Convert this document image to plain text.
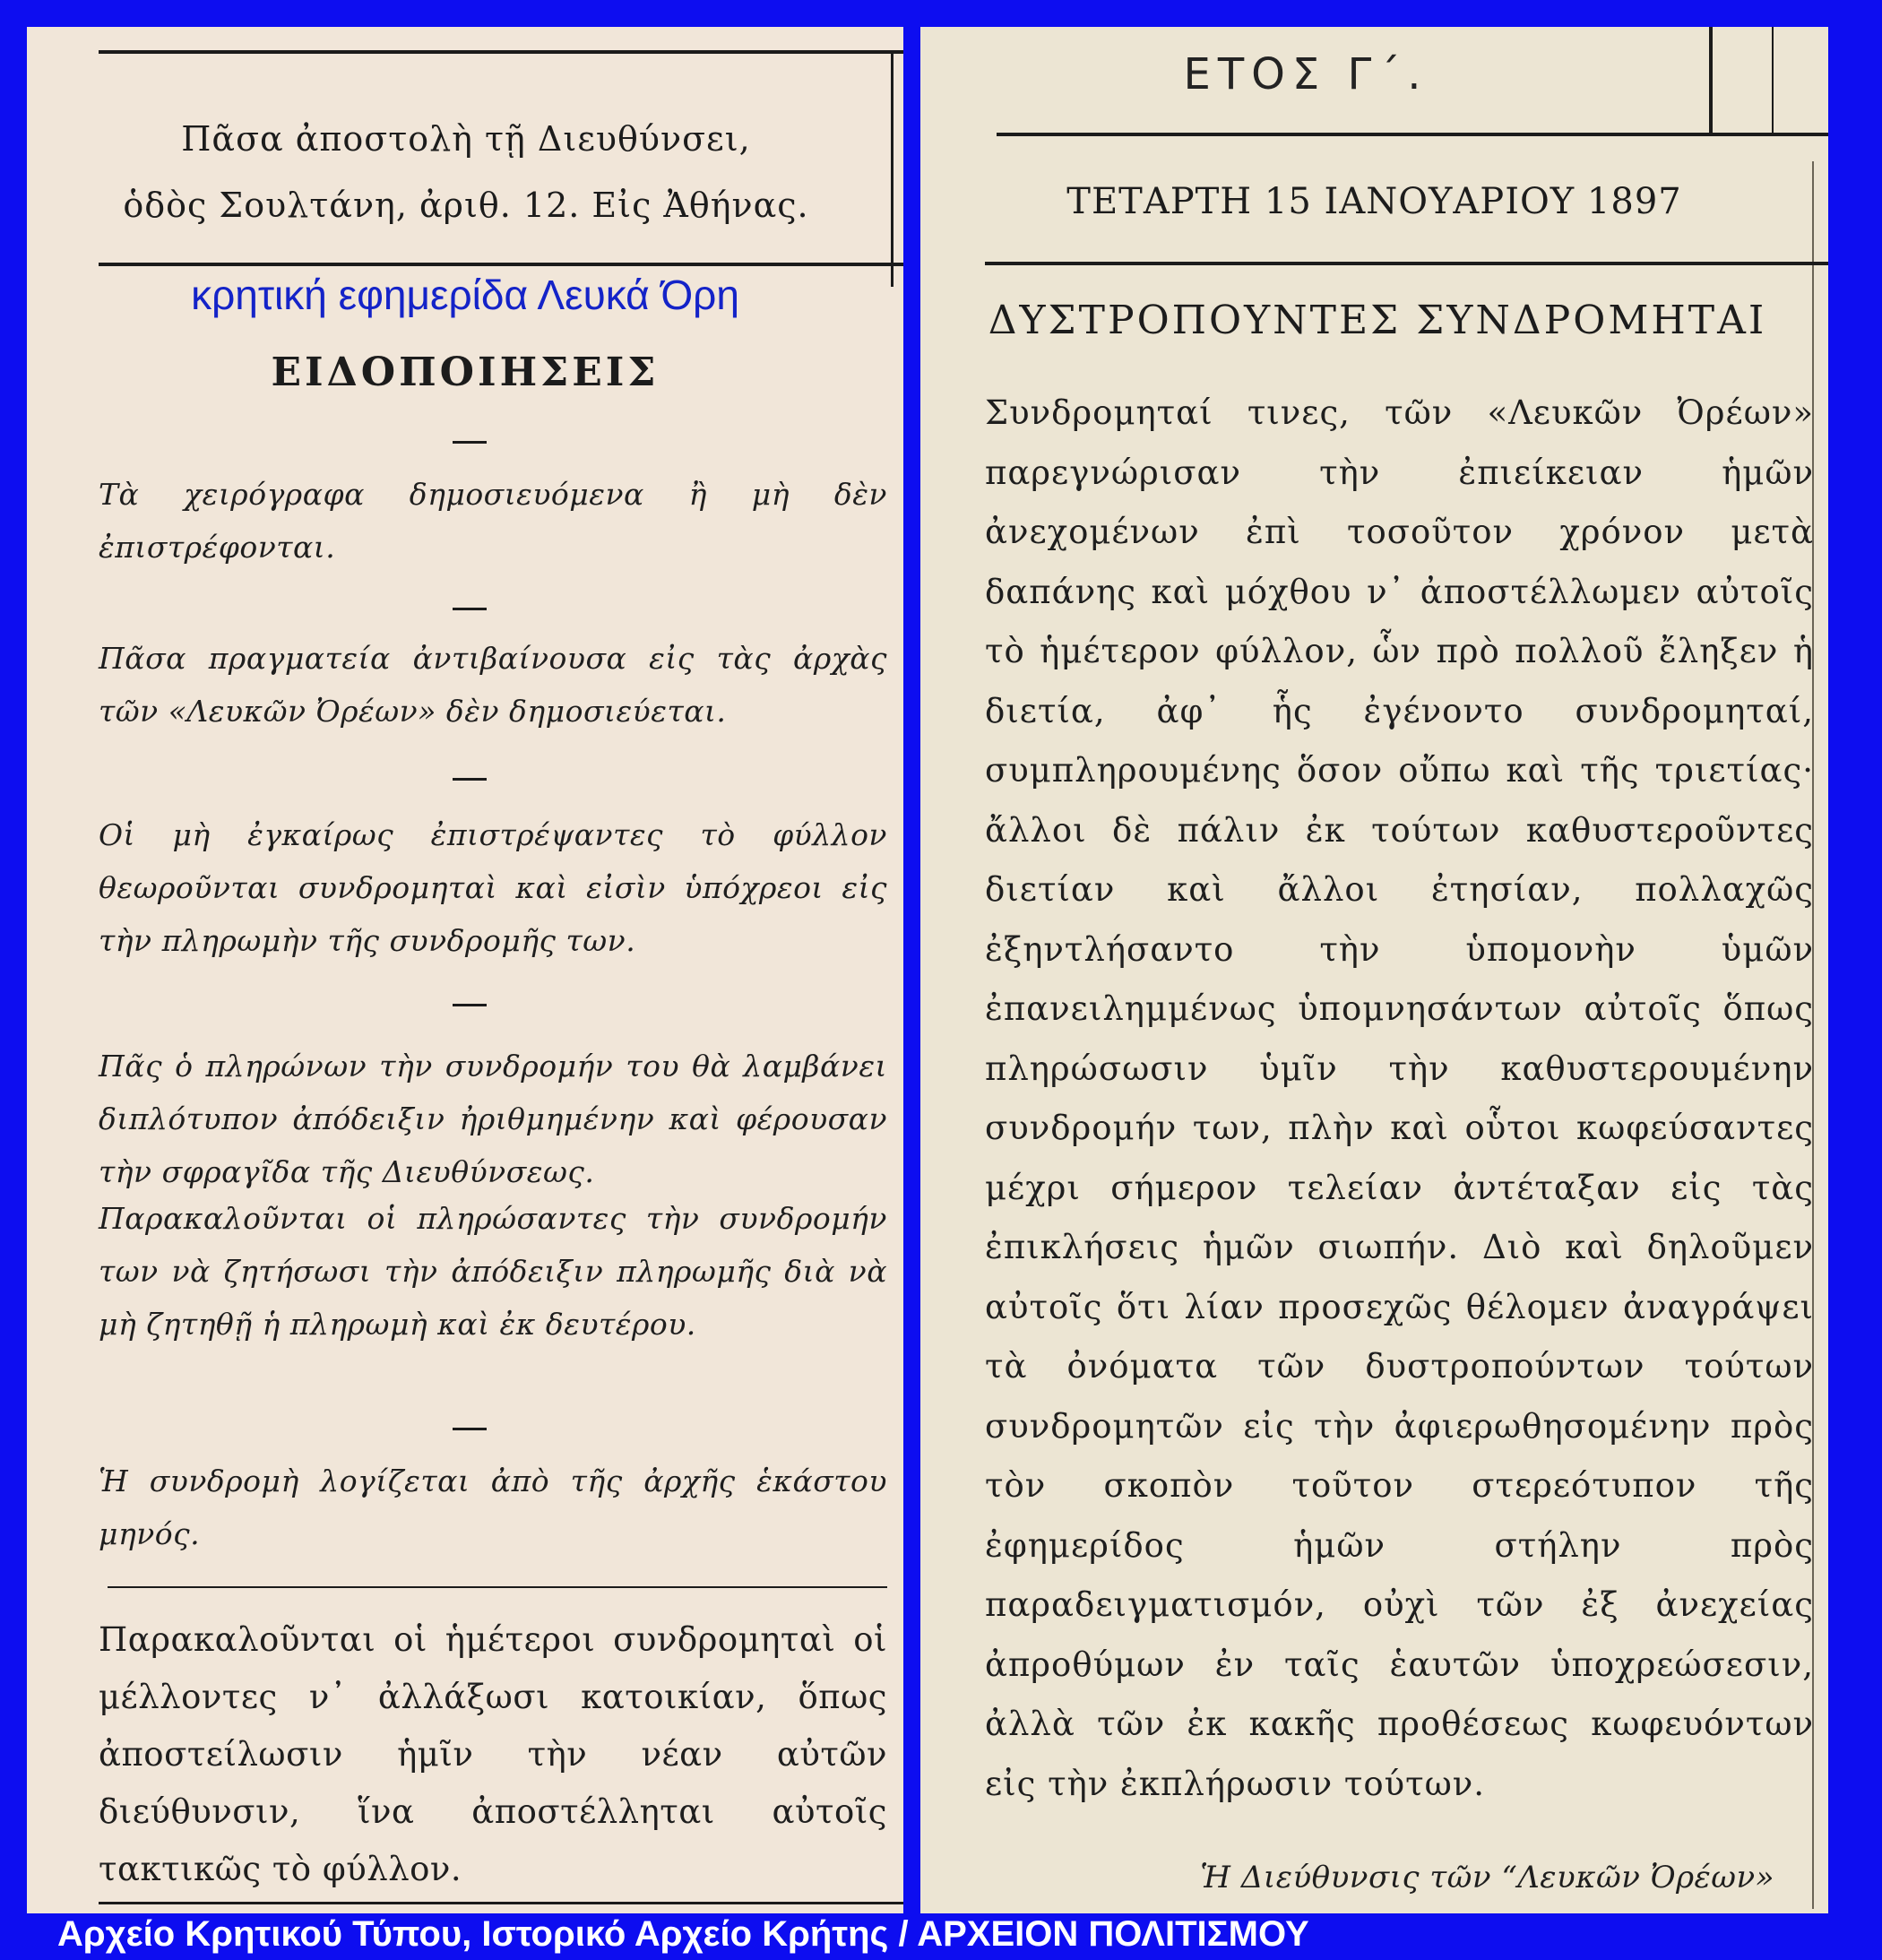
Πᾶσα ἀποστολὴ τῇ Διευθύνσει,
ὁδὸς Σουλτάνη, ἀριθ. 12. Εἰς Ἀθήνας.
κρητική εφημερίδα Λευκά Όρη
ΕΙΔΟΠΟΙΗΣΕΙΣ
Τὰ χειρόγραφα δημοσιευόμενα ἢ μὴ δὲν ἐπιστρέφονται.
Πᾶσα πραγματεία ἀντιβαίνουσα εἰς τὰς ἀρχὰς τῶν «Λευκῶν Ὀρέων» δὲν δημοσιεύεται.
Οἱ μὴ ἐγκαίρως ἐπιστρέψαντες τὸ φύλλον θεωροῦνται συνδρομηταὶ καὶ εἰσὶν ὑπόχρεοι εἰς τὴν πληρωμὴν τῆς συνδρομῆς των.
Πᾶς ὁ πληρώνων τὴν συνδρομήν του θὰ λαμβάνει διπλότυπον ἀπόδειξιν ἠριθμημένην καὶ φέρουσαν τὴν σφραγῖδα τῆς Διευθύνσεως.
Παρακαλοῦνται οἱ πληρώσαντες τὴν συνδρομήν των νὰ ζητήσωσι τὴν ἀπόδειξιν πληρωμῆς διὰ νὰ μὴ ζητηθῇ ἡ πληρωμὴ καὶ ἐκ δευτέρου.
Ἡ συνδρομὴ λογίζεται ἀπὸ τῆς ἀρχῆς ἑκάστου μηνός.
Παρακαλοῦνται οἱ ἡμέτεροι συνδρομηταὶ οἱ μέλλοντες ν᾽ ἀλλάξωσι κατοικίαν, ὅπως ἀποστείλωσιν ἡμῖν τὴν νέαν αὐτῶν διεύθυνσιν, ἵνα ἀποστέλληται αὐτοῖς τακτικῶς τὸ φύλλον.
ΕΤΟΣ Γ΄.
ΤΕΤΑΡΤΗ 15 ΙΑΝΟΥΑΡΙΟΥ 1897
ΔΥΣΤΡΟΠΟΥΝΤΕΣ ΣΥΝΔΡΟΜΗΤΑΙ
Συνδρομηταί τινες, τῶν «Λευκῶν Ὀρέων» παρεγνώρισαν τὴν ἐπιείκειαν ἡμῶν ἀνεχομένων ἐπὶ τοσοῦτον χρόνον μετὰ δαπάνης καὶ μόχθου ν᾽ ἀποστέλλωμεν αὐτοῖς τὸ ἡμέτερον φύλλον, ὧν πρὸ πολλοῦ ἔληξεν ἡ διετία, ἀφ᾽ ἧς ἐγένοντο συνδρομηταί, συμπληρουμένης ὅσον οὔπω καὶ τῆς τριετίας· ἄλλοι δὲ πάλιν ἐκ τούτων καθυστεροῦντες διετίαν καὶ ἄλλοι ἐτησίαν, πολλαχῶς ἐξηντλήσαντο τὴν ὑπομονὴν ὑμῶν ἐπανειλημμένως ὑπομνησάντων αὐτοῖς ὅπως πληρώσωσιν ὑμῖν τὴν καθυστερουμένην συνδρομήν των, πλὴν καὶ οὗτοι κωφεύσαντες μέχρι σήμερον τελείαν ἀντέταξαν εἰς τὰς ἐπικλήσεις ἡμῶν σιωπήν. Διὸ καὶ δηλοῦμεν αὐτοῖς ὅτι λίαν προσεχῶς θέλομεν ἀναγράψει τὰ ὀνόματα τῶν δυστροπούντων τούτων συνδρομητῶν εἰς τὴν ἀφιερωθησομένην πρὸς τὸν σκοπὸν τοῦτον στερεότυπον τῆς ἐφημερίδος ἡμῶν στήλην πρὸς παραδειγματισμόν, οὐχὶ τῶν ἐξ ἀνεχείας ἀπροθύμων ἐν ταῖς ἑαυτῶν ὑποχρεώσεσιν, ἀλλὰ τῶν ἐκ κακῆς προθέσεως κωφευόντων εἰς τὴν ἐκπλήρωσιν τούτων.
Ἡ Διεύθυνσις τῶν “Λευκῶν Ὀρέων»
Αρχείο Κρητικού Τύπου, Ιστορικό Αρχείο Κρήτης / ΑΡΧΕΙΟΝ ΠΟΛΙΤΙΣΜΟΥ
